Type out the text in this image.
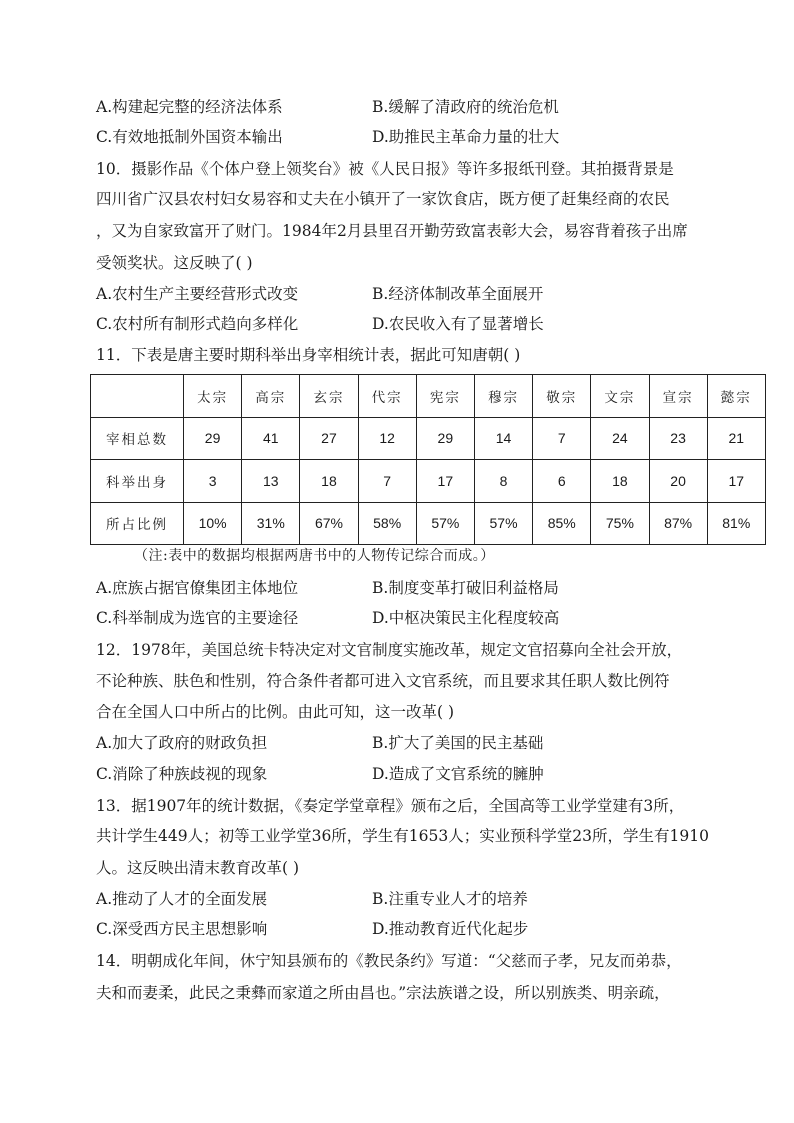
A.构建起完整的经济法体系	B.缓解了清政府的统治危机
C.有效地抵制外国资本输出	D.助推民主革命力量的壮大
10．摄影作品《个体户登上领奖台》被《人民日报》等许多报纸刊登。其拍摄背景是
四川省广汉县农村妇女易容和丈夫在小镇开了一家饮食店，既方便了赶集经商的农民
，又为自家致富开了财门。1984年2月县里召开勤劳致富表彰大会，易容背着孩子出席
受领奖状。这反映了( )
A.农村生产主要经营形式改变	B.经济体制改革全面展开
C.农村所有制形式趋向多样化	D.农民收入有了显著增长
11．下表是唐主要时期科举出身宰相统计表，据此可知唐朝( )
	太宗	高宗	玄宗	代宗	宪宗	穆宗	敬宗	文宗	宣宗	懿宗
宰相总数	29	41	27	12	29	14	7	24	23	21
科举出身	3	13	18	7	17	8	6	18	20	17
所占比例	10%	31%	67%	58%	57%	57%	85%	75%	87%	81%
（注:表中的数据均根据两唐书中的人物传记综合而成。）
A.庶族占据官僚集团主体地位	B.制度变革打破旧利益格局
C.科举制成为选官的主要途径	D.中枢决策民主化程度较高
12．1978年，美国总统卡特决定对文官制度实施改革，规定文官招募向全社会开放，
不论种族、肤色和性别，符合条件者都可进入文官系统，而且要求其任职人数比例符
合在全国人口中所占的比例。由此可知，这一改革( )
A.加大了政府的财政负担	B.扩大了美国的民主基础
C.消除了种族歧视的现象	D.造成了文官系统的臃肿
13．据1907年的统计数据，《奏定学堂章程》颁布之后，全国高等工业学堂建有3所，
共计学生449人；初等工业学堂36所，学生有1653人；实业预科学堂23所，学生有1910
人。这反映出清末教育改革( )
A.推动了人才的全面发展	B.注重专业人才的培养
C.深受西方民主思想影响	D.推动教育近代化起步
14．明朝成化年间，休宁知县颁布的《教民条约》写道：“父慈而子孝，兄友而弟恭，
夫和而妻柔，此民之秉彝而家道之所由昌也。”宗法族谱之设，所以别族类、明亲疏，
